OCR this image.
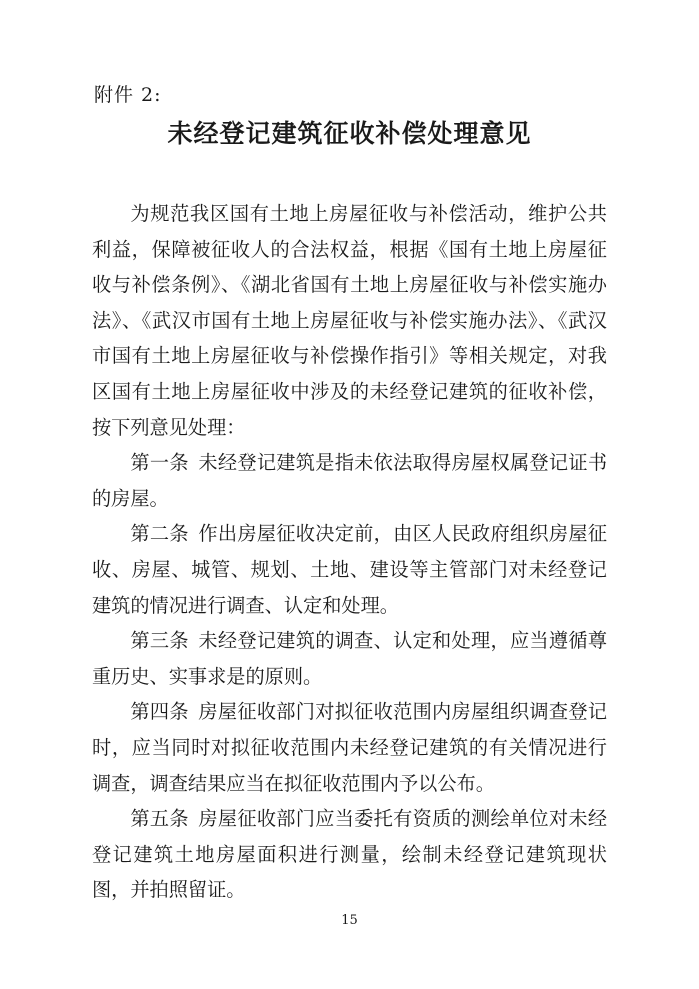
附件 2:
未经登记建筑征收补偿处理意见

为规范我区国有土地上房屋征收与补偿活动，维护公共利益，保障被征收人的合法权益，根据《国有土地上房屋征收与补偿条例》、《湖北省国有土地上房屋征收与补偿实施办法》、《武汉市国有土地上房屋征收与补偿实施办法》、《武汉市国有土地上房屋征收与补偿操作指引》等相关规定，对我区国有土地上房屋征收中涉及的未经登记建筑的征收补偿，按下列意见处理：

第一条 未经登记建筑是指未依法取得房屋权属登记证书的房屋。

第二条 作出房屋征收决定前，由区人民政府组织房屋征收、房屋、城管、规划、土地、建设等主管部门对未经登记建筑的情况进行调查、认定和处理。

第三条 未经登记建筑的调查、认定和处理，应当遵循尊重历史、实事求是的原则。

第四条 房屋征收部门对拟征收范围内房屋组织调查登记时，应当同时对拟征收范围内未经登记建筑的有关情况进行调查，调查结果应当在拟征收范围内予以公布。

第五条 房屋征收部门应当委托有资质的测绘单位对未经登记建筑土地房屋面积进行测量，绘制未经登记建筑现状图，并拍照留证。

15
